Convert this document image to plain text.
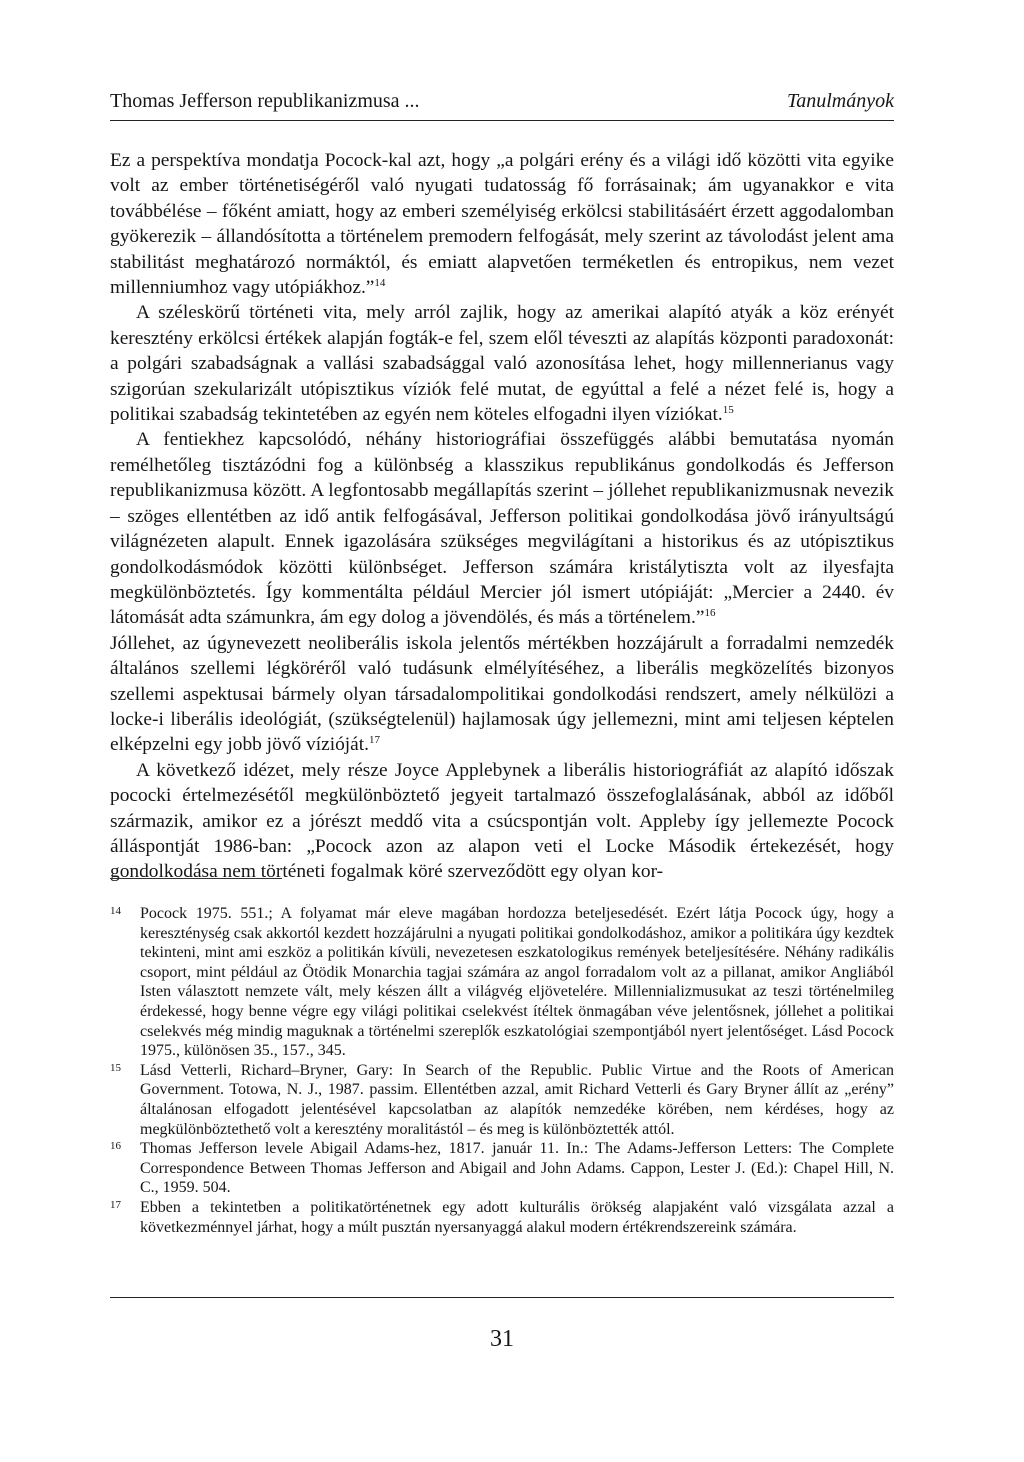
Thomas Jefferson republikanizmusa ...	Tanulmányok

Ez a perspektíva mondatja Pocock-kal azt, hogy „a polgári erény és a világi idő közötti vita egyike volt az ember történetiségéről való nyugati tudatosság fő forrásainak; ám ugyanakkor e vita továbbélése – főként amiatt, hogy az emberi személyiség erkölcsi stabilitásáért érzett aggodalomban gyökerezik – állandósította a történelem premodern felfogását, mely szerint az távolodást jelent ama stabilitást meghatározó normáktól, és emiatt alapvetően terméketlen és entropikus, nem vezet millenniumhoz vagy utópiákhoz.”$^{14}$

A széleskörű történeti vita, mely arról zajlik, hogy az amerikai alapító atyák a köz erényét keresztény erkölcsi értékek alapján fogták-e fel, szem elől téveszti az alapítás központi paradoxonát: a polgári szabadságnak a vallási szabadsággal való azonosítása lehet, hogy millennerianus vagy szigorúan szekularizált utópisztikus víziók felé mutat, de egyúttal a felé a nézet felé is, hogy a politikai szabadság tekintetében az egyén nem köteles elfogadni ilyen víziókat.$^{15}$

A fentiekhez kapcsolódó, néhány historiográfiai összefüggés alábbi bemutatása nyomán remélhetőleg tisztázódni fog a különbség a klasszikus republikánus gondolkodás és Jefferson republikanizmusa között. A legfontosabb megállapítás szerint – jóllehet republikanizmusnak nevezik – szöges ellentétben az idő antik felfogásával, Jefferson politikai gondolkodása jövő irányultságú világnézeten alapult. Ennek igazolására szükséges megvilágítani a historikus és az utópisztikus gondolkodásmódok közötti különbséget. Jefferson számára kristálytiszta volt az ilyesfajta megkülönböztetés. Így kommentálta például Mercier jól ismert utópiáját: „Mercier a 2440. év látomását adta számunkra, ám egy dolog a jövendölés, és más a történelem.”$^{16}$

Jóllehet, az úgynevezett neoliberális iskola jelentős mértékben hozzájárult a forradalmi nemzedék általános szellemi légköréről való tudásunk elmélyítéséhez, a liberális megközelítés bizonyos szellemi aspektusai bármely olyan társadalompolitikai gondolkodási rendszert, amely nélkülözi a locke-i liberális ideológiát, (szükségtelenül) hajlamosak úgy jellemezni, mint ami teljesen képtelen elképzelni egy jobb jövő vízióját.$^{17}$

A következő idézet, mely része Joyce Applebynek a liberális historiográfiát az alapító időszak pococki értelmezésétől megkülönböztető jegyeit tartalmazó összefoglalásának, abból az időből származik, amikor ez a jórészt meddő vita a csúcspontján volt. Appleby így jellemezte Pocock álláspontját 1986-ban: „Pocock azon az alapon veti el Locke Második értekezését, hogy gondolkodása nem történeti fogalmak köré szerveződött egy olyan kor-

14	Pocock 1975. 551.; A folyamat már eleve magában hordozza beteljesedését. Ezért látja Pocock úgy, hogy a kereszténység csak akkortól kezdett hozzájárulni a nyugati politikai gondolkodáshoz, amikor a politikára úgy kezdtek tekinteni, mint ami eszköz a politikán kívüli, nevezetesen eszkatologikus remények beteljesítésére. Néhány radikális csoport, mint például az Ötödik Monarchia tagjai számára az angol forradalom volt az a pillanat, amikor Angliából Isten választott nemzete vált, mely készen állt a világvég eljövetelére. Millennializmusukat az teszi történelmileg érdekessé, hogy benne végre egy világi politikai cselekvést ítéltek önmagában véve jelentősnek, jóllehet a politikai cselekvés még mindig maguknak a történelmi szereplők eszkatológiai szempontjából nyert jelentőséget. Lásd Pocock 1975., különösen 35., 157., 345.
15	Lásd Vetterli, Richard–Bryner, Gary: In Search of the Republic. Public Virtue and the Roots of American Government. Totowa, N. J., 1987. passim. Ellentétben azzal, amit Richard Vetterli és Gary Bryner állít az „erény” általánosan elfogadott jelentésével kapcsolatban az alapítók nemzedéke körében, nem kérdéses, hogy az megkülönböztethető volt a keresztény moralitástól – és meg is különböztették attól.
16	Thomas Jefferson levele Abigail Adams-hez, 1817. január 11. In.: The Adams-Jefferson Letters: The Complete Correspondence Between Thomas Jefferson and Abigail and John Adams. Cappon, Lester J. (Ed.): Chapel Hill, N. C., 1959. 504.
17	Ebben a tekintetben a politikatörténetnek egy adott kulturális örökség alapjaként való vizsgálata azzal a következménnyel járhat, hogy a múlt pusztán nyersanyaggá alakul modern értékrendszereink számára.
31
